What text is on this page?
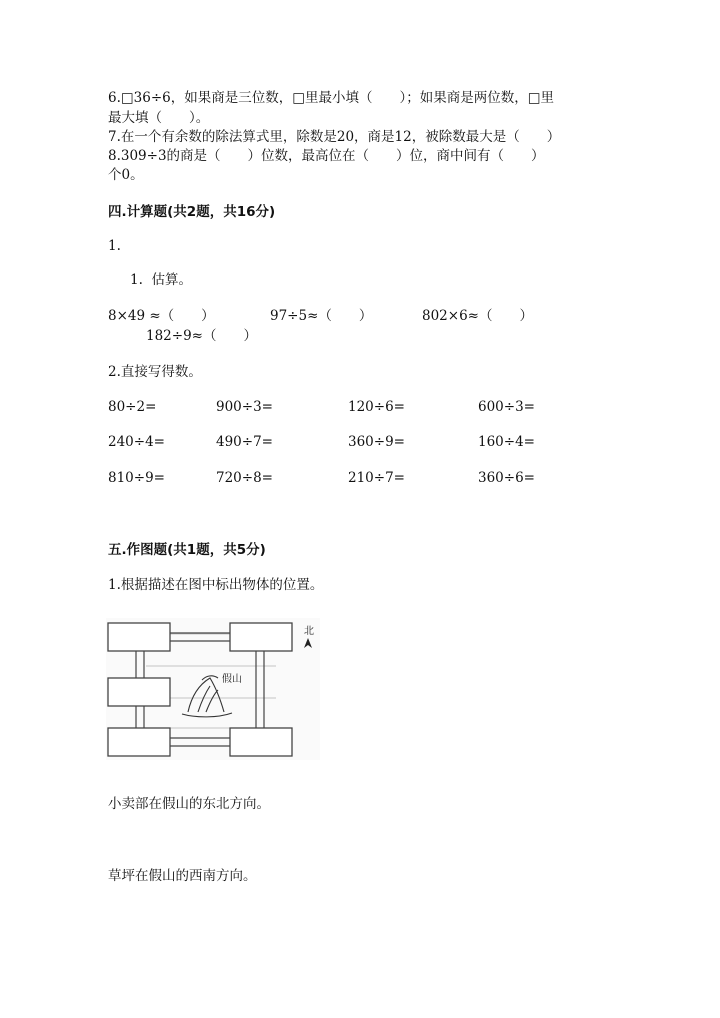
6.□36÷6，如果商是三位数，□里最小填（　　）；如果商是两位数，□里
最大填（　　）。
7.在一个有余数的除法算式里，除数是20，商是12，被除数最大是（　　）
8.309÷3的商是（　　）位数，最高位在（　　）位，商中间有（　　）
个0。
四.计算题(共2题，共16分)
1.
1.  估算。
8×49 ≈（　　）	97÷5≈（　　）	802×6≈（　　）
182÷9≈（　　）
2.直接写得数。
80÷2=	900÷3=	120÷6=	600÷3=
240÷4=	490÷7=	360÷9=	160÷4=
810÷9=	720÷8=	210÷7=	360÷6=
五.作图题(共1题，共5分)
1.根据描述在图中标出物体的位置。
假山
北
小卖部在假山的东北方向。
草坪在假山的西南方向。
